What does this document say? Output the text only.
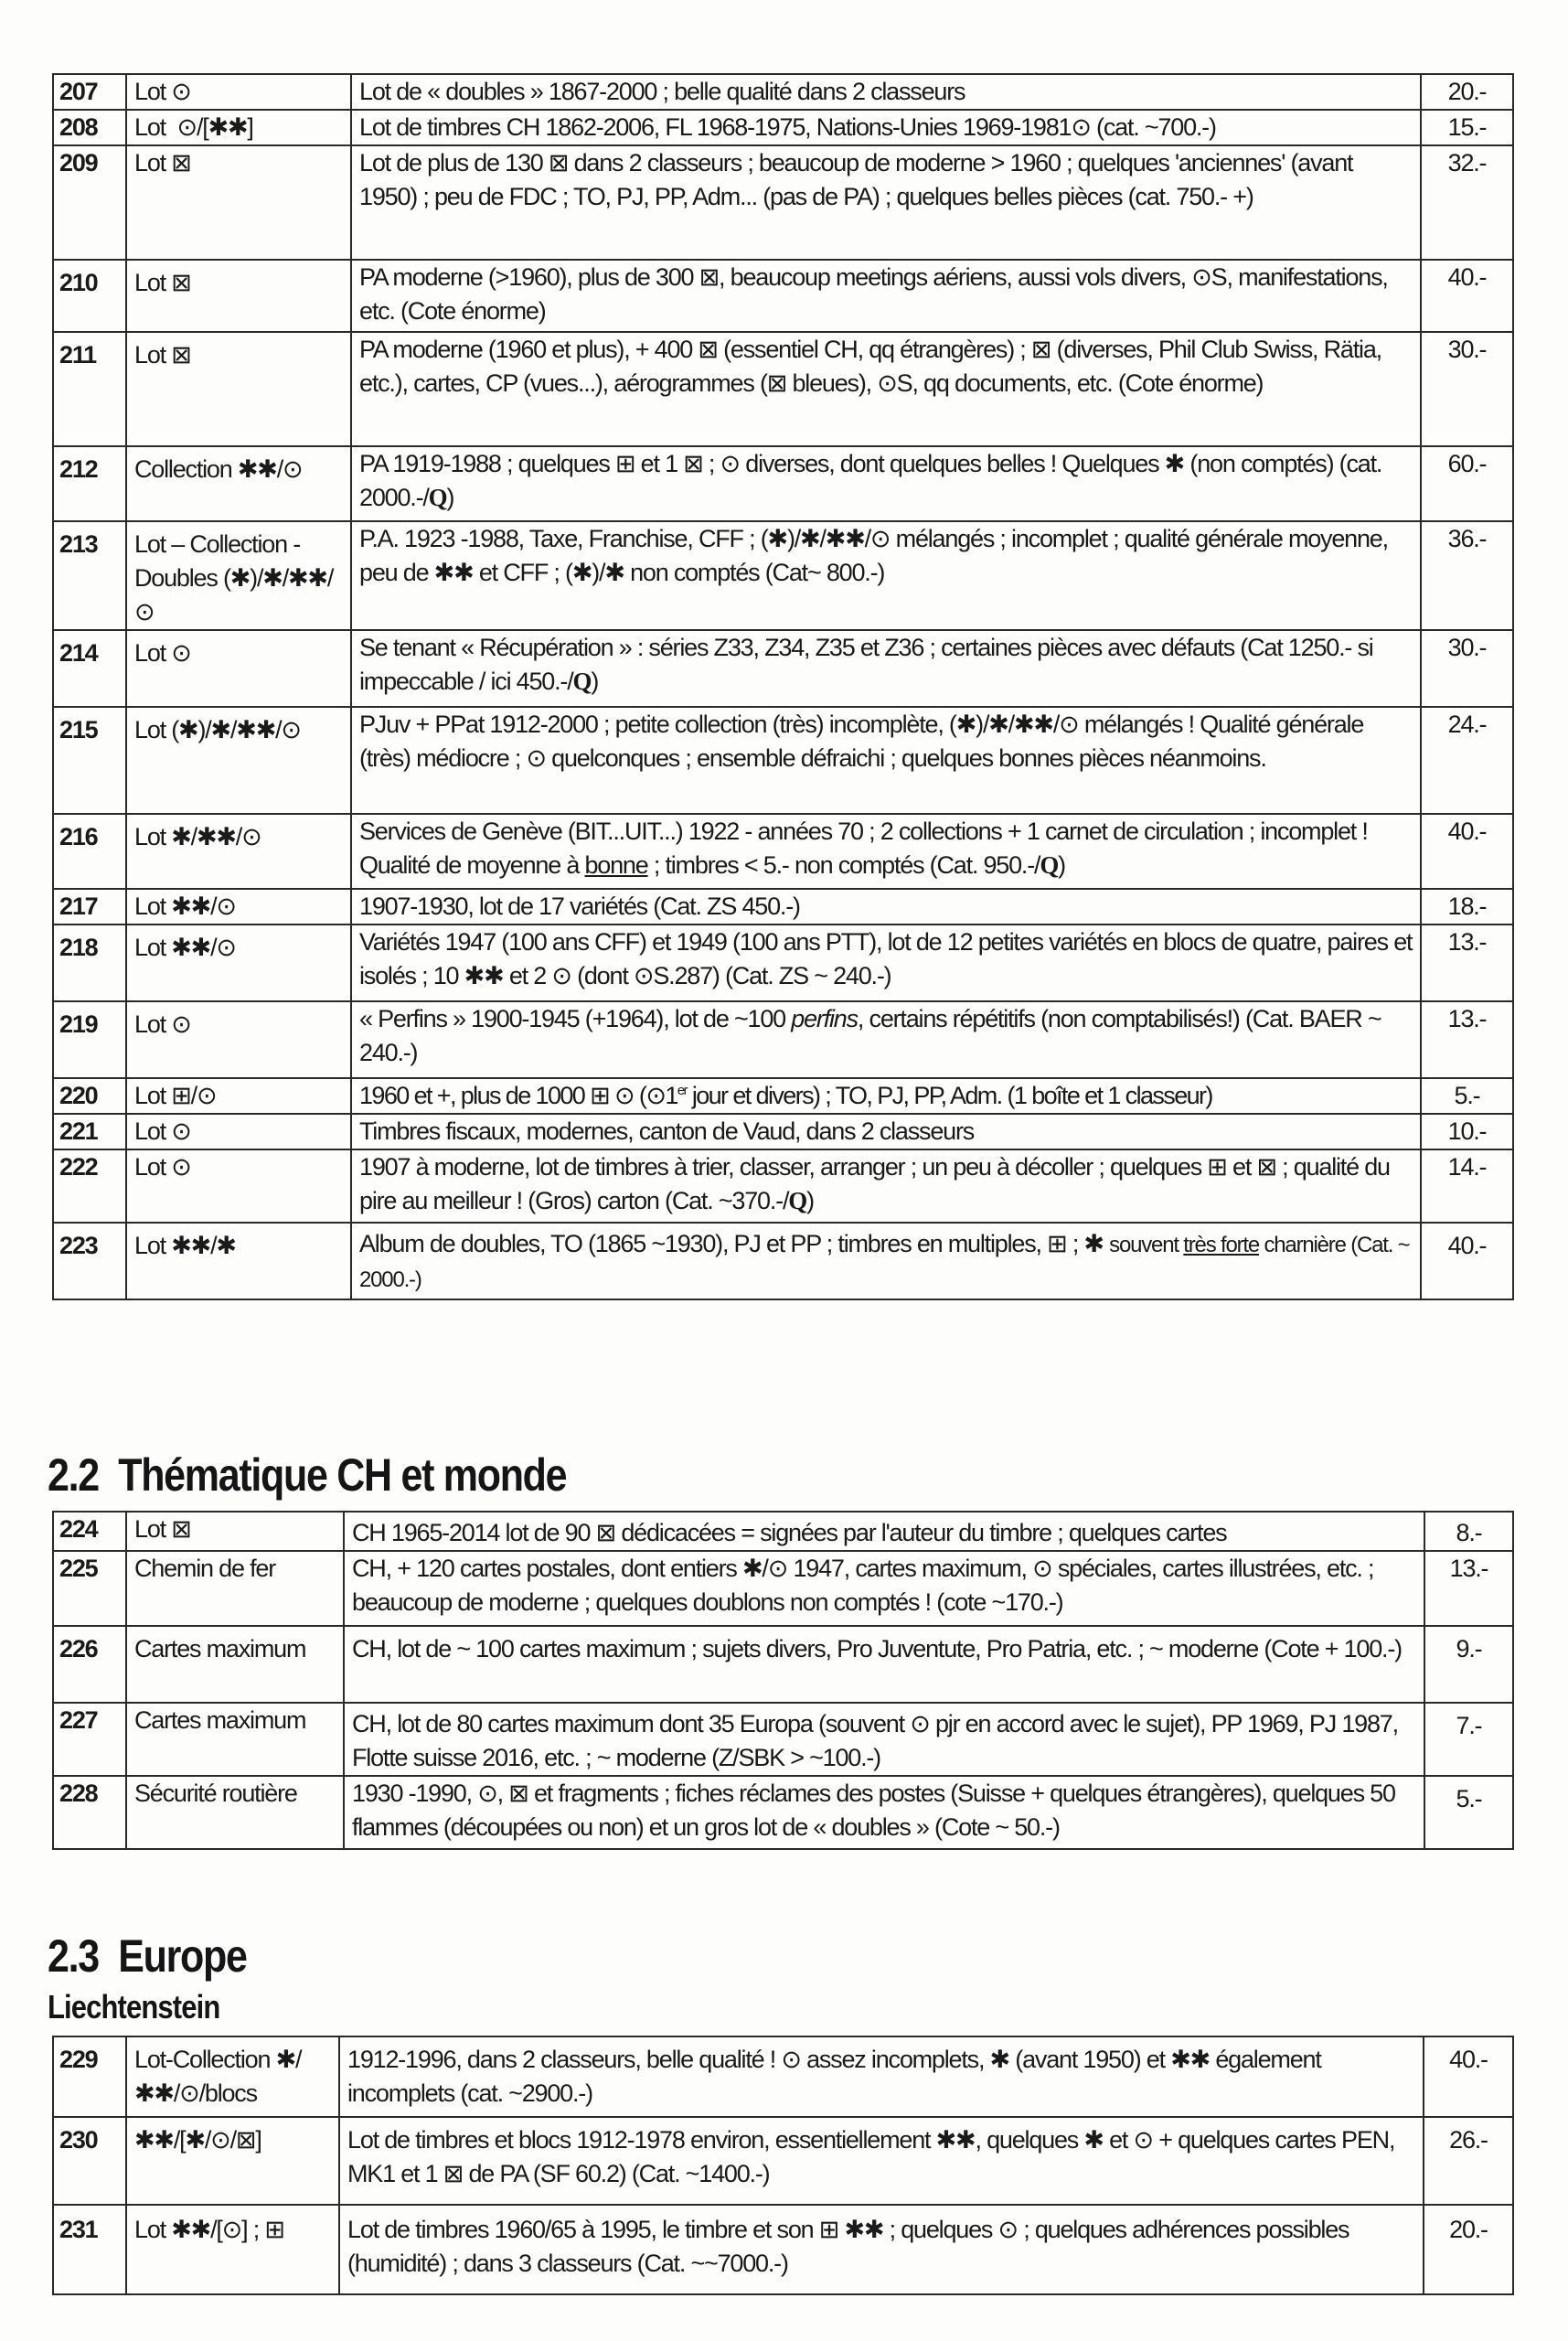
207	Lot ⊙	Lot de « doubles » 1867-2000 ; belle qualité dans 2 classeurs	20.-
208	Lot  ⊙/[✱✱]	Lot de timbres CH 1862-2006, FL 1968-1975, Nations-Unies 1969-1981⊙ (cat. ~700.-)	15.-
209	Lot ⊠	Lot de plus de 130 ⊠ dans 2 classeurs ; beaucoup de moderne > 1960 ; quelques 'anciennes' (avant 1950) ; peu de FDC ; TO, PJ, PP, Adm... (pas de PA) ; quelques belles pièces (cat. 750.- +)	32.-
210	Lot ⊠	PA moderne (>1960), plus de 300 ⊠, beaucoup meetings aériens, aussi vols divers, ⊙S, manifestations, etc. (Cote énorme)	40.-
211	Lot ⊠	PA moderne (1960 et plus), + 400 ⊠ (essentiel CH, qq étrangères) ; ⊠ (diverses, Phil Club Swiss, Rätia, etc.), cartes, CP (vues...), aérogrammes (⊠ bleues), ⊙S, qq documents, etc. (Cote énorme)	30.-
212	Collection ✱✱/⊙	PA 1919-1988 ; quelques ⊞ et 1 ⊠ ; ⊙ diverses, dont quelques belles ! Quelques ✱ (non comptés) (cat. 2000.-/Q)	60.-
213	Lot – Collection - Doubles (✱)/✱/✱✱/⊙	P.A. 1923 -1988, Taxe, Franchise, CFF ; (✱)/✱/✱✱/⊙ mélangés ; incomplet ; qualité générale moyenne, peu de ✱✱ et CFF ; (✱)/✱ non comptés (Cat~ 800.-)	36.-
214	Lot ⊙	Se tenant « Récupération » : séries Z33, Z34, Z35 et Z36 ; certaines pièces avec défauts (Cat 1250.- si impeccable / ici 450.-/Q)	30.-
215	Lot (✱)/✱/✱✱/⊙	PJuv + PPat 1912-2000 ; petite collection (très) incomplète, (✱)/✱/✱✱/⊙ mélangés ! Qualité générale (très) médiocre ; ⊙ quelconques ; ensemble défraichi ; quelques bonnes pièces néanmoins.	24.-
216	Lot ✱/✱✱/⊙	Services de Genève (BIT...UIT...) 1922 - années 70 ; 2 collections + 1 carnet de circulation ; incomplet ! Qualité de moyenne à bonne ; timbres < 5.- non comptés (Cat. 950.-/Q)	40.-
217	Lot ✱✱/⊙	1907-1930, lot de 17 variétés (Cat. ZS 450.-)	18.-
218	Lot ✱✱/⊙	Variétés 1947 (100 ans CFF) et 1949 (100 ans PTT), lot de 12 petites variétés en blocs de quatre, paires et isolés ; 10 ✱✱ et 2 ⊙ (dont ⊙S.287) (Cat. ZS ~ 240.-)	13.-
219	Lot ⊙	« Perfins » 1900-1945 (+1964), lot de ~100 perfins, certains répétitifs (non comptabilisés!) (Cat. BAER ~ 240.-)	13.-
220	Lot ⊞/⊙	1960 et +, plus de 1000 ⊞ ⊙ (⊙1er jour et divers) ; TO, PJ, PP, Adm. (1 boîte et 1 classeur)	5.-
221	Lot ⊙	Timbres fiscaux, modernes, canton de Vaud, dans 2 classeurs	10.-
222	Lot ⊙	1907 à moderne, lot de timbres à trier, classer, arranger ; un peu à décoller ; quelques ⊞ et ⊠ ; qualité du pire au meilleur ! (Gros) carton (Cat. ~370.-/Q)	14.-
223	Lot ✱✱/✱	Album de doubles, TO (1865 ~1930), PJ et PP ; timbres en multiples, ⊞ ; ✱ souvent très forte charnière (Cat. ~ 2000.-)	40.-
2.2  Thématique CH et monde
224	Lot ⊠	CH 1965-2014 lot de 90 ⊠ dédicacées = signées par l'auteur du timbre ; quelques cartes	8.-
225	Chemin de fer	CH, + 120 cartes postales, dont entiers ✱/⊙ 1947, cartes maximum, ⊙ spéciales, cartes illustrées, etc. ; beaucoup de moderne ; quelques doublons non comptés ! (cote ~170.-)	13.-
226	Cartes maximum	CH, lot de ~ 100 cartes maximum ; sujets divers, Pro Juventute, Pro Patria, etc. ; ~ moderne (Cote + 100.-)	9.-
227	Cartes maximum	CH, lot de 80 cartes maximum dont 35 Europa (souvent ⊙ pjr en accord avec le sujet), PP 1969, PJ 1987, Flotte suisse 2016, etc. ; ~ moderne (Z/SBK > ~100.-)	7.-
228	Sécurité routière	1930 -1990, ⊙, ⊠ et fragments ; fiches réclames des postes (Suisse + quelques étrangères), quelques 50 flammes (découpées ou non) et un gros lot de « doubles » (Cote ~ 50.-)	5.-
2.3  Europe
Liechtenstein
229	Lot-Collection ✱/✱✱/⊙/blocs	1912-1996, dans 2 classeurs, belle qualité ! ⊙ assez incomplets, ✱ (avant 1950) et ✱✱ également incomplets (cat. ~2900.-)	40.-
230	✱✱/[✱/⊙/⊠]	Lot de timbres et blocs 1912-1978 environ, essentiellement ✱✱, quelques ✱ et ⊙ + quelques cartes PEN, MK1 et 1 ⊠ de PA (SF 60.2) (Cat. ~1400.-)	26.-
231	Lot ✱✱/[⊙] ; ⊞	Lot de timbres 1960/65 à 1995, le timbre et son ⊞ ✱✱ ; quelques ⊙ ; quelques adhérences possibles (humidité) ; dans 3 classeurs (Cat. ~~7000.-)	20.-
